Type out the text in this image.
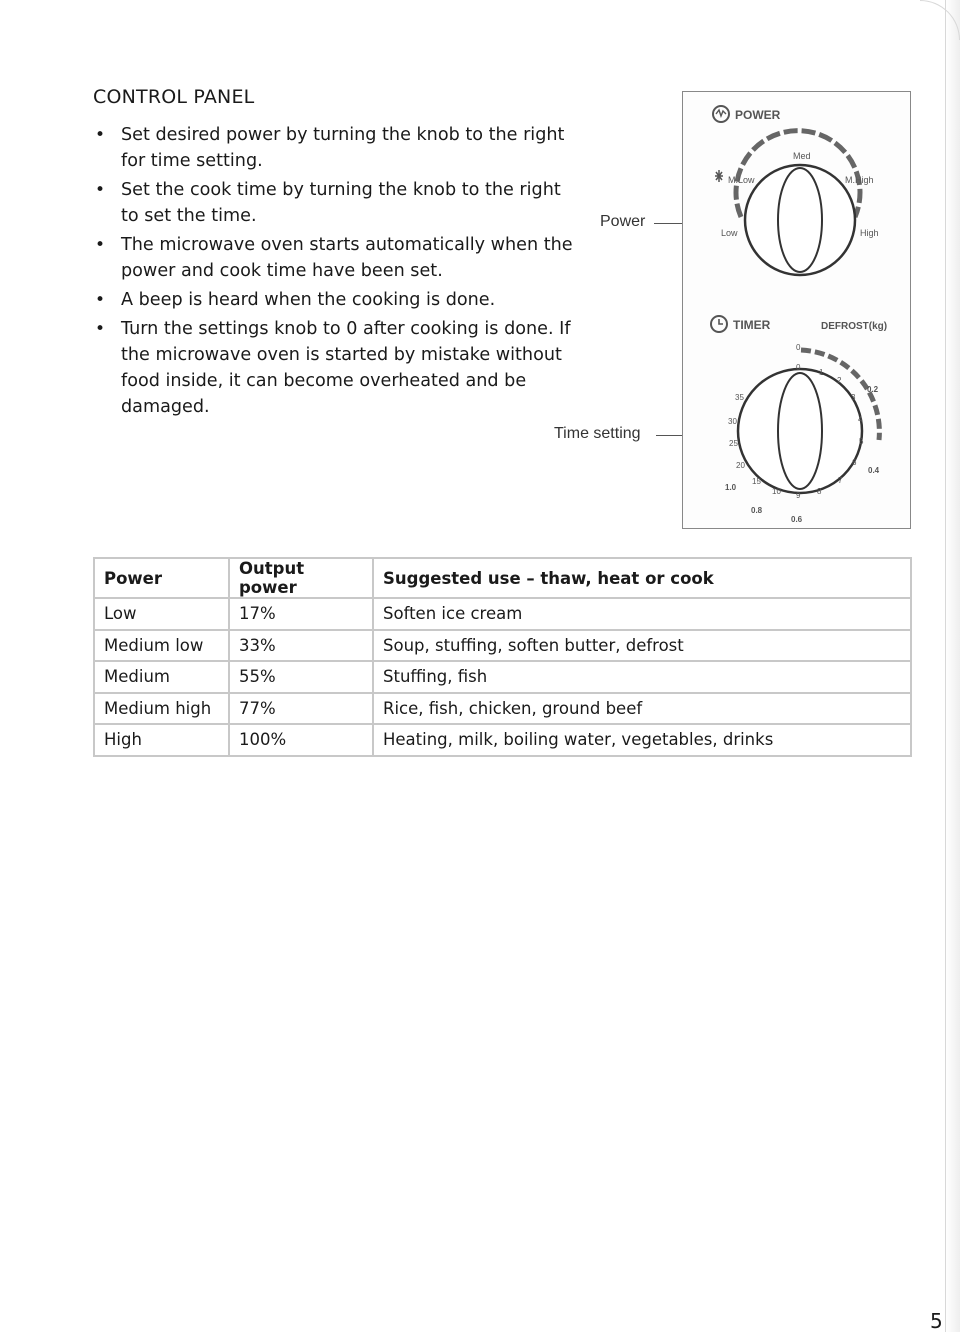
CONTROL PANEL
• Set desired power by turning the knob to the right for time setting.
• Set the cook time by turning the knob to the right to set the time.
• The microwave oven starts automatically when the power and cook time have been set.
• A beep is heard when the cooking is done.
• Turn the settings knob to 0 after cooking is done. If the microwave oven is started by mistake without food inside, it can become overheated and be damaged.
Power
Time setting
POWER
Med
M.Low	M.High
Low	High
TIMER	DEFROST(kg)
0
0
1
2
3
4
5
6
7
8
9
10
15
20
25
30
35
0.2
0.4
0.6
0.8
1.0
Power	Output power	Suggested use – thaw, heat or cook
Low	17%	Soften ice cream
Medium low	33%	Soup, stuffing, soften butter, defrost
Medium	55%	Stuffing, fish
Medium high	77%	Rice, fish, chicken, ground beef
High	100%	Heating, milk, boiling water, vegetables, drinks
5
